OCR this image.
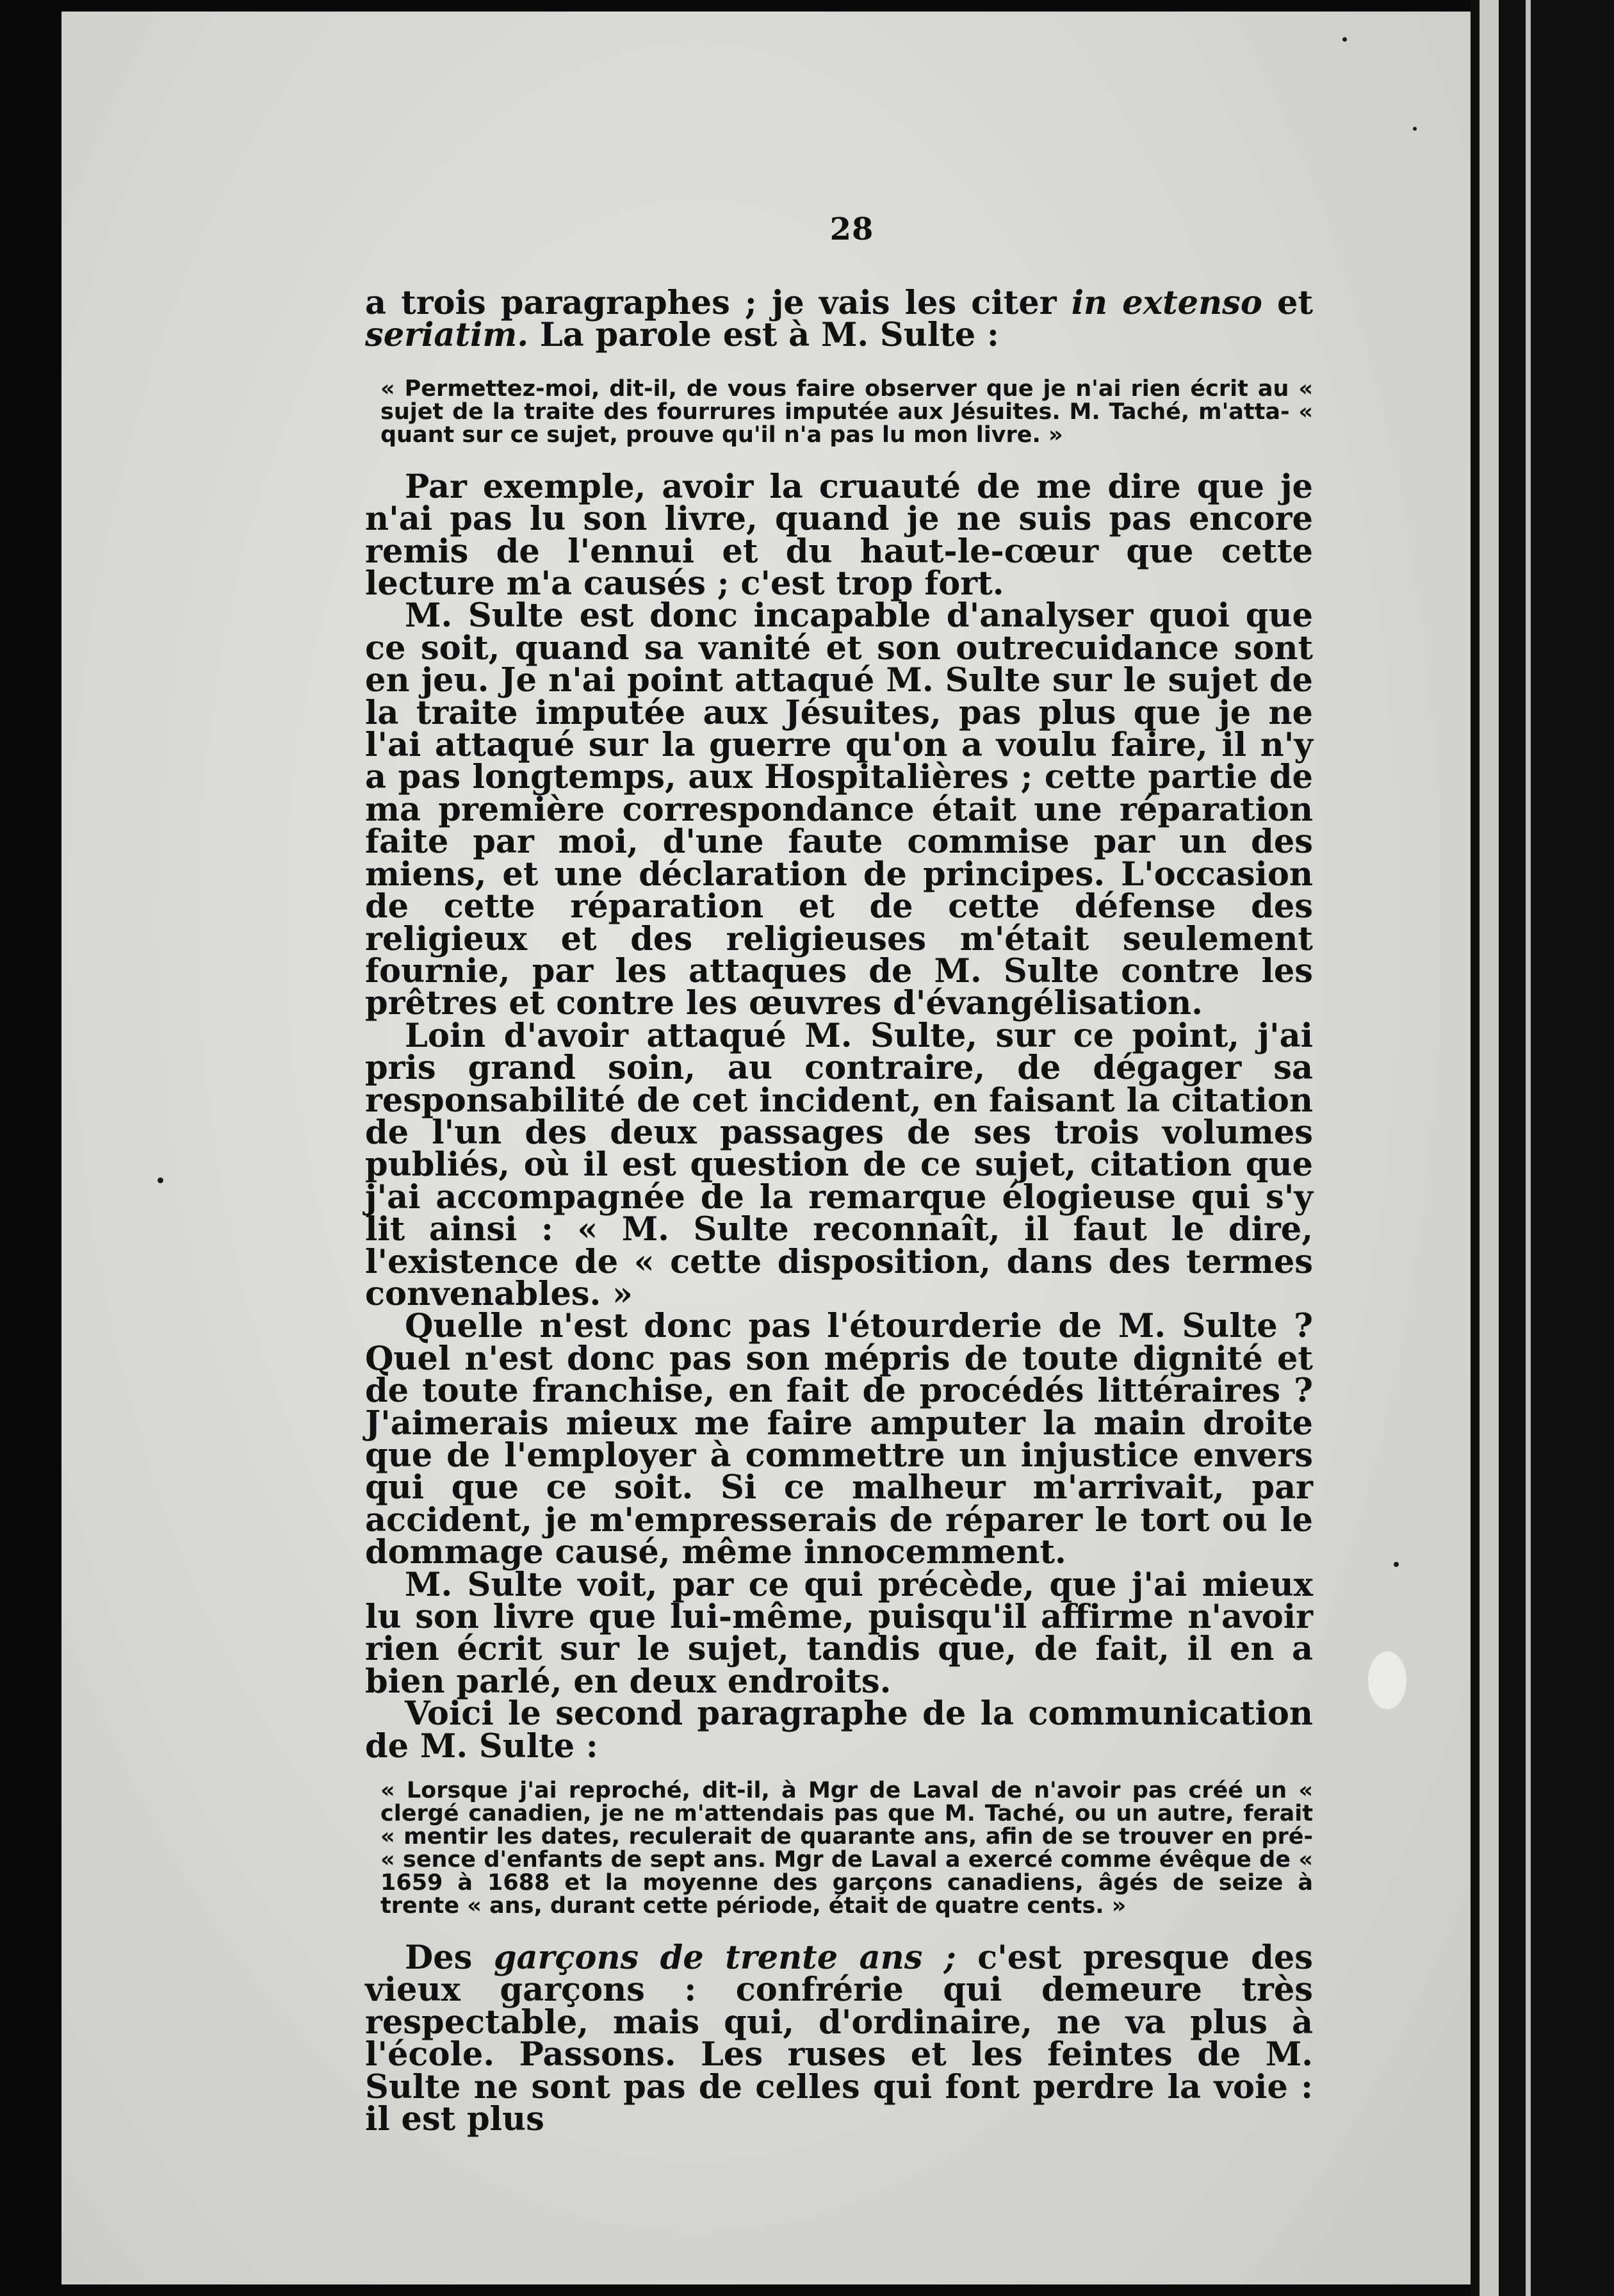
28

a trois paragraphes ; je vais les citer in extenso et seriatim. La parole est à M. Sulte :

« Permettez-moi, dit-il, de vous faire observer que je n'ai rien écrit au « sujet de la traite des fourrures imputée aux Jésuites. M. Taché, m'atta- « quant sur ce sujet, prouve qu'il n'a pas lu mon livre. »

Par exemple, avoir la cruauté de me dire que je n'ai pas lu son livre, quand je ne suis pas encore remis de l'ennui et du haut-le-cœur que cette lecture m'a causés ; c'est trop fort.

M. Sulte est donc incapable d'analyser quoi que ce soit, quand sa vanité et son outrecuidance sont en jeu. Je n'ai point attaqué M. Sulte sur le sujet de la traite imputée aux Jésuites, pas plus que je ne l'ai attaqué sur la guerre qu'on a voulu faire, il n'y a pas longtemps, aux Hospitalières ; cette partie de ma première correspondance était une réparation faite par moi, d'une faute commise par un des miens, et une déclaration de principes. L'occasion de cette réparation et de cette défense des religieux et des religieuses m'était seulement fournie, par les attaques de M. Sulte contre les prêtres et contre les œuvres d'évangélisation.

Loin d'avoir attaqué M. Sulte, sur ce point, j'ai pris grand soin, au contraire, de dégager sa responsabilité de cet incident, en faisant la citation de l'un des deux passages de ses trois volumes publiés, où il est question de ce sujet, citation que j'ai accompagnée de la remarque élogieuse qui s'y lit ainsi : « M. Sulte reconnaît, il faut le dire, l'existence de « cette disposition, dans des termes convenables. »

Quelle n'est donc pas l'étourderie de M. Sulte ? Quel n'est donc pas son mépris de toute dignité et de toute franchise, en fait de procédés littéraires ? J'aimerais mieux me faire amputer la main droite que de l'employer à commettre un injustice envers qui que ce soit. Si ce malheur m'arrivait, par accident, je m'empresserais de réparer le tort ou le dommage causé, même innocemment.

M. Sulte voit, par ce qui précède, que j'ai mieux lu son livre que lui-même, puisqu'il affirme n'avoir rien écrit sur le sujet, tandis que, de fait, il en a bien parlé, en deux endroits.

Voici le second paragraphe de la communication de M. Sulte :

« Lorsque j'ai reproché, dit-il, à Mgr de Laval de n'avoir pas créé un « clergé canadien, je ne m'attendais pas que M. Taché, ou un autre, ferait « mentir les dates, reculerait de quarante ans, afin de se trouver en pré- « sence d'enfants de sept ans. Mgr de Laval a exercé comme évêque de « 1659 à 1688 et la moyenne des garçons canadiens, âgés de seize à trente « ans, durant cette période, était de quatre cents. »

Des garçons de trente ans ; c'est presque des vieux garçons : confrérie qui demeure très respectable, mais qui, d'ordinaire, ne va plus à l'école. Passons. Les ruses et les feintes de M. Sulte ne sont pas de celles qui font perdre la voie : il est plus
